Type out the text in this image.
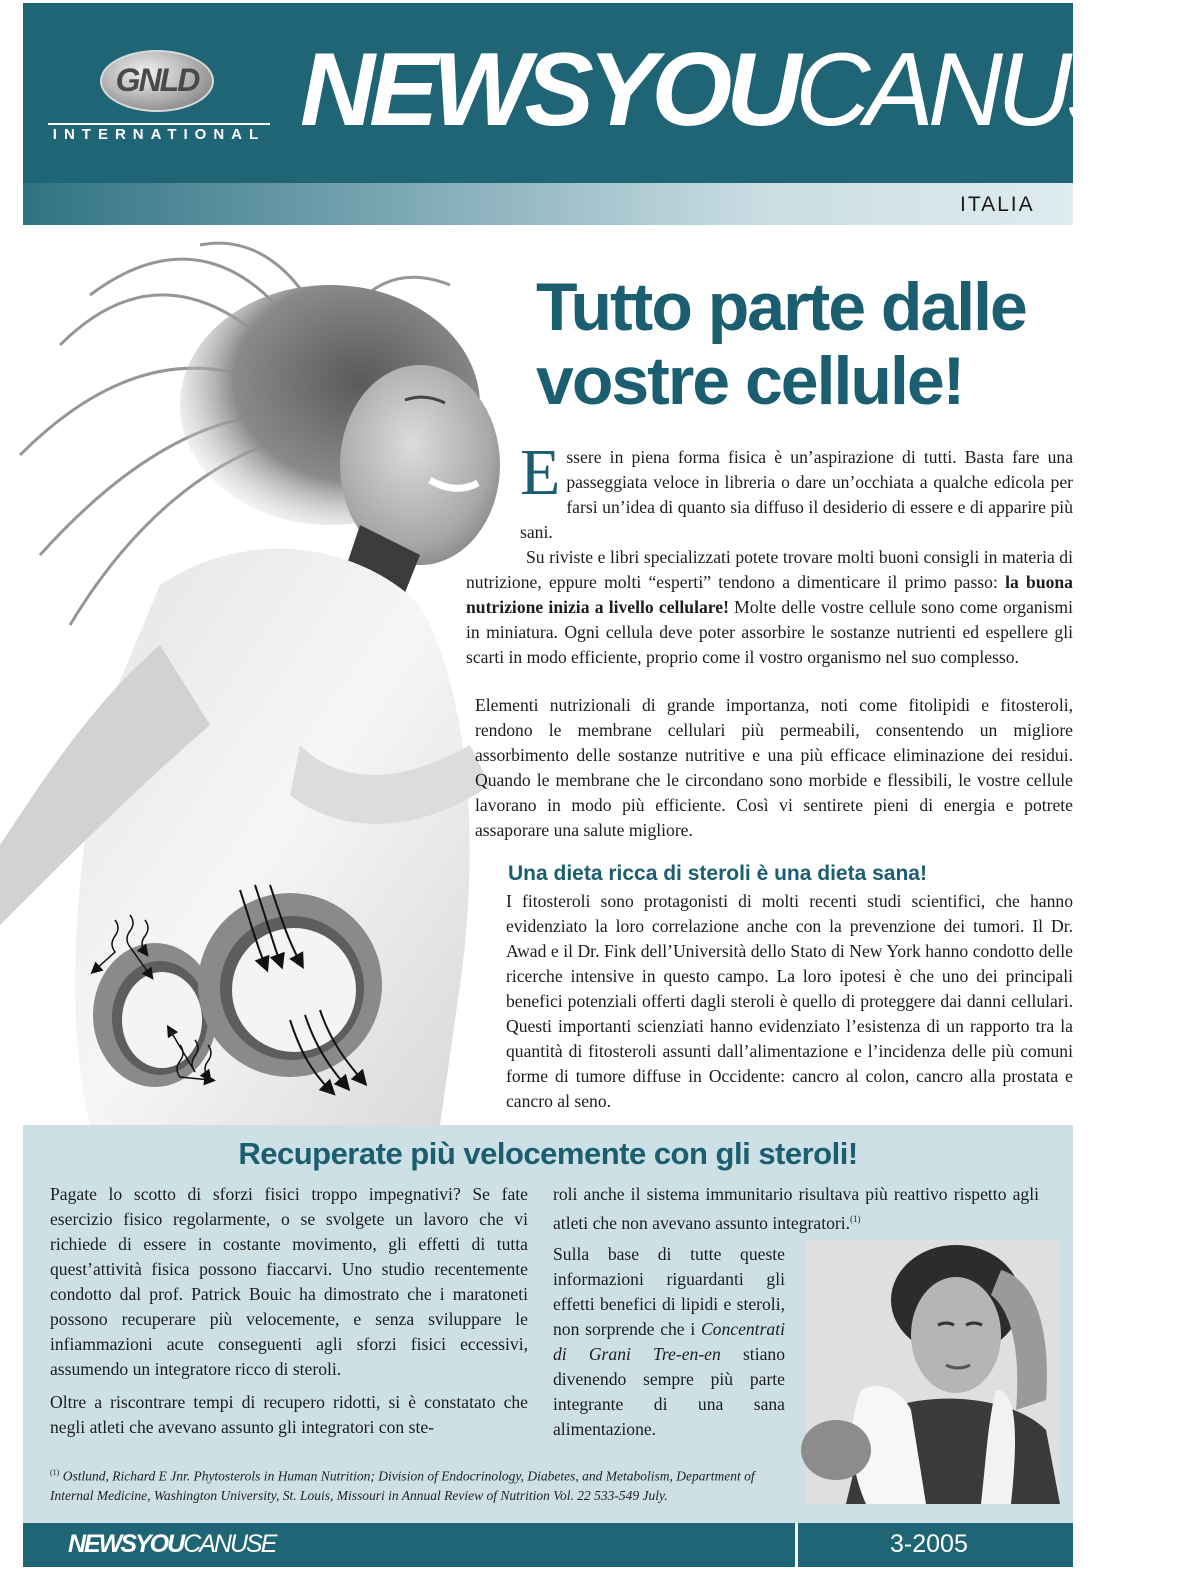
GNLD
INTERNATIONAL NEWSYOUCANUSE
ITALIA
Tutto parte dalle
vostre cellule!
Essere in piena forma fisica è un’aspirazione di tutti. Basta fare una passeggiata veloce in libreria o dare un’occhiata a qualche edicola per farsi un’idea di quanto sia diffuso il desiderio di essere e di apparire più sani.
Su riviste e libri specializzati potete trovare molti buoni consigli in materia di nutrizione, eppure molti “esperti” tendono a dimenticare il primo passo: la buona nutrizione inizia a livello cellulare! Molte delle vostre cellule sono come organismi in miniatura. Ogni cellula deve poter assorbire le sostanze nutrienti ed espellere gli scarti in modo efficiente, proprio come il vostro organismo nel suo complesso.
Elementi nutrizionali di grande importanza, noti come fitolipidi e fitosteroli, rendono le membrane cellulari più permeabili, consentendo un migliore assorbimento delle sostanze nutritive e una più efficace eliminazione dei residui. Quando le membrane che le circondano sono morbide e flessibili, le vostre cellule lavorano in modo più efficiente. Così vi sentirete pieni di energia e potrete assaporare una salute migliore.
Una dieta ricca di steroli è una dieta sana!
I fitosteroli sono protagonisti di molti recenti studi scientifici, che hanno evidenziato la loro correlazione anche con la prevenzione dei tumori. Il Dr. Awad e il Dr. Fink dell’Università dello Stato di New York hanno condotto delle ricerche intensive in questo campo. La loro ipotesi è che uno dei principali benefici potenziali offerti dagli steroli è quello di proteggere dai danni cellulari. Questi importanti scienziati hanno evidenziato l’esistenza di un rapporto tra la quantità di fitosteroli assunti dall’alimentazione e l’incidenza delle più comuni forme di tumore diffuse in Occidente: cancro al colon, cancro alla prostata e cancro al seno.
Recuperate più velocemente con gli steroli!
Pagate lo scotto di sforzi fisici troppo impegnativi? Se fate esercizio fisico regolarmente, o se svolgete un lavoro che vi richiede di essere in costante movimento, gli effetti di tutta quest’attività fisica possono fiaccarvi. Uno studio recentemente condotto dal prof. Patrick Bouic ha dimostrato che i maratoneti possono recuperare più velocemente, e senza sviluppare le infiammazioni acute conseguenti agli sforzi fisici eccessivi, assumendo un integratore ricco di steroli.
Oltre a riscontrare tempi di recupero ridotti, si è constatato che negli atleti che avevano assunto gli integratori con ste-
roli anche il sistema immunitario risultava più reattivo rispetto agli atleti che non avevano assunto integratori.$^{(1)}$
Sulla base di tutte queste informazioni riguardanti gli effetti benefici di lipidi e steroli, non sorprende che i Concentrati di Grani Tre-en-en stiano divenendo sempre più parte integrante di una sana alimentazione.
$^{(1)}$ Ostlund, Richard E Jnr. Phytosterols in Human Nutrition; Division of Endocrinology, Diabetes, and Metabolism, Department of Internal Medicine, Washington University, St. Louis, Missouri in Annual Review of Nutrition Vol. 22 533-549 July.
NEWSYOUCANUSE	3-2005
